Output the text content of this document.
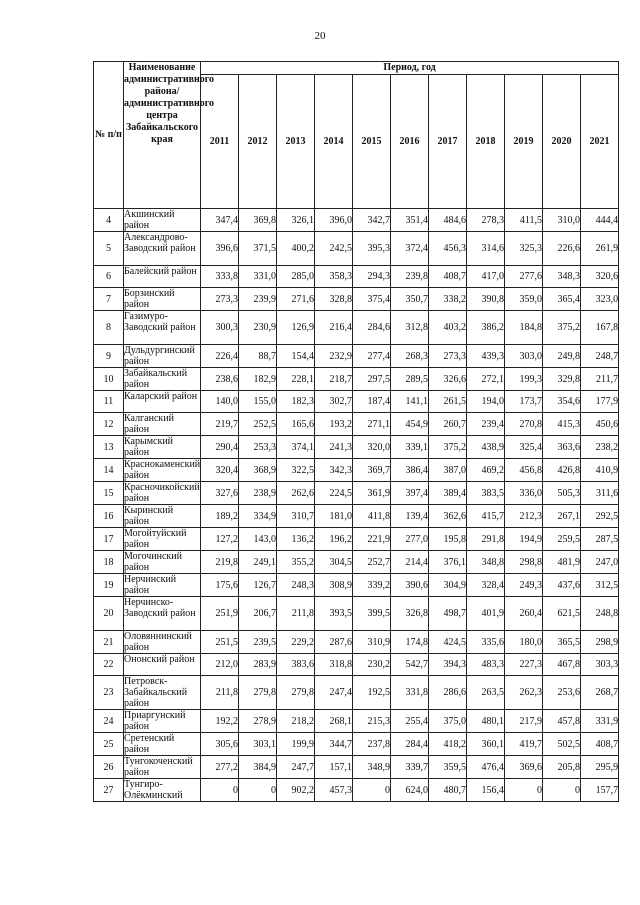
20
№ п/п	Наименование административного района/ административного центра Забайкальского края	Период, год										
		2011	2012	2013	2014	2015	2016	2017	2018	2019	2020	2021
4	Акшинский район	347,4	369,8	326,1	396,0	342,7	351,4	484,6	278,3	411,5	310,0	444,4
5	Александрово-Заводский район	396,6	371,5	400,2	242,5	395,3	372,4	456,3	314,6	325,3	226,6	261,9
6	Балейский район	333,8	331,0	285,0	358,3	294,3	239,8	408,7	417,0	277,6	348,3	320,6
7	Борзинский район	273,3	239,9	271,6	328,8	375,4	350,7	338,2	390,8	359,0	365,4	323,0
8	Газимуро-Заводский район	300,3	230,9	126,9	216,4	284,6	312,8	403,2	386,2	184,8	375,2	167,8
9	Дульдургинский район	226,4	88,7	154,4	232,9	277,4	268,3	273,3	439,3	303,0	249,8	248,7
10	Забайкальский район	238,6	182,9	228,1	218,7	297,5	289,5	326,6	272,1	199,3	329,8	211,7
11	Каларский район	140,0	155,0	182,3	302,7	187,4	141,1	261,5	194,0	173,7	354,6	177,9
12	Калганский район	219,7	252,5	165,6	193,2	271,1	454,9	260,7	239,4	270,8	415,3	450,6
13	Карымский район	290,4	253,3	374,1	241,3	320,0	339,1	375,2	438,9	325,4	363,6	238,2
14	Краснокаменский район	320,4	368,9	322,5	342,3	369,7	386,4	387,0	469,2	456,8	426,8	410,9
15	Красночикойский район	327,6	238,9	262,6	224,5	361,9	397,4	389,4	383,5	336,0	505,3	311,6
16	Кыринский район	189,2	334,9	310,7	181,0	411,8	139,4	362,6	415,7	212,3	267,1	292,5
17	Могойтуйский район	127,2	143,0	136,2	196,2	221,9	277,0	195,8	291,8	194,9	259,5	287,5
18	Могочинский район	219,8	249,1	355,2	304,5	252,7	214,4	376,1	348,8	298,8	481,9	247,0
19	Нерчинский район	175,6	126,7	248,3	308,9	339,2	390,6	304,9	328,4	249,3	437,6	312,5
20	Нерчинско-Заводский район	251,9	206,7	211,8	393,5	399,5	326,8	498,7	401,9	260,4	621,5	248,8
21	Оловяннинский район	251,5	239,5	229,2	287,6	310,9	174,8	424,5	335,6	180,0	365,5	298,9
22	Ононский район	212,0	283,9	383,6	318,8	230,2	542,7	394,3	483,3	227,3	467,8	303,3
23	Петровск-Забайкальский район	211,8	279,8	279,8	247,4	192,5	331,8	286,6	263,5	262,3	253,6	268,7
24	Приаргунский район	192,2	278,9	218,2	268,1	215,3	255,4	375,0	480,1	217,9	457,8	331,9
25	Сретенский район	305,6	303,1	199,9	344,7	237,8	284,4	418,2	360,1	419,7	502,5	408,7
26	Тунгокоченский район	277,2	384,9	247,7	157,1	348,9	339,7	359,5	476,4	369,6	205,8	295,9
27	Тунгиро-Олёкминский	0	0	902,2	457,3	0	624,0	480,7	156,4	0	0	157,7
